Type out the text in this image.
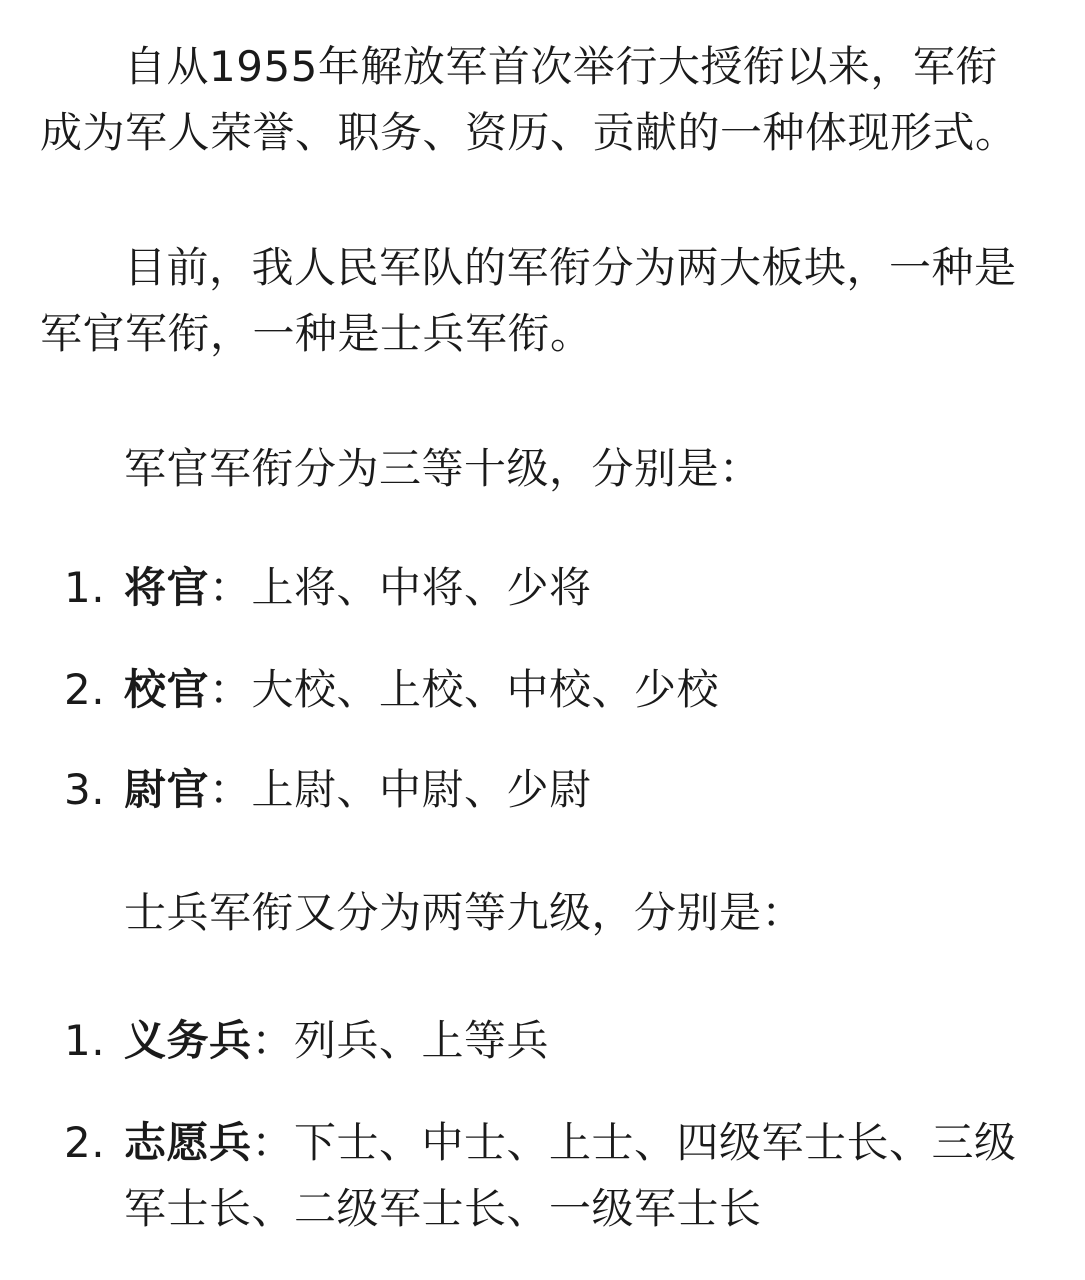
自从1955年解放军首次举行大授衔以来，军衔成为军人荣誉、职务、资历、贡献的一种体现形式。

目前，我人民军队的军衔分为两大板块，一种是军官军衔，一种是士兵军衔。

军官军衔分为三等十级，分别是：

1. 将官：上将、中将、少将
2. 校官：大校、上校、中校、少校
3. 尉官：上尉、中尉、少尉

士兵军衔又分为两等九级，分别是：

1. 义务兵：列兵、上等兵
2. 志愿兵：下士、中士、上士、四级军士长、三级军士长、二级军士长、一级军士长
